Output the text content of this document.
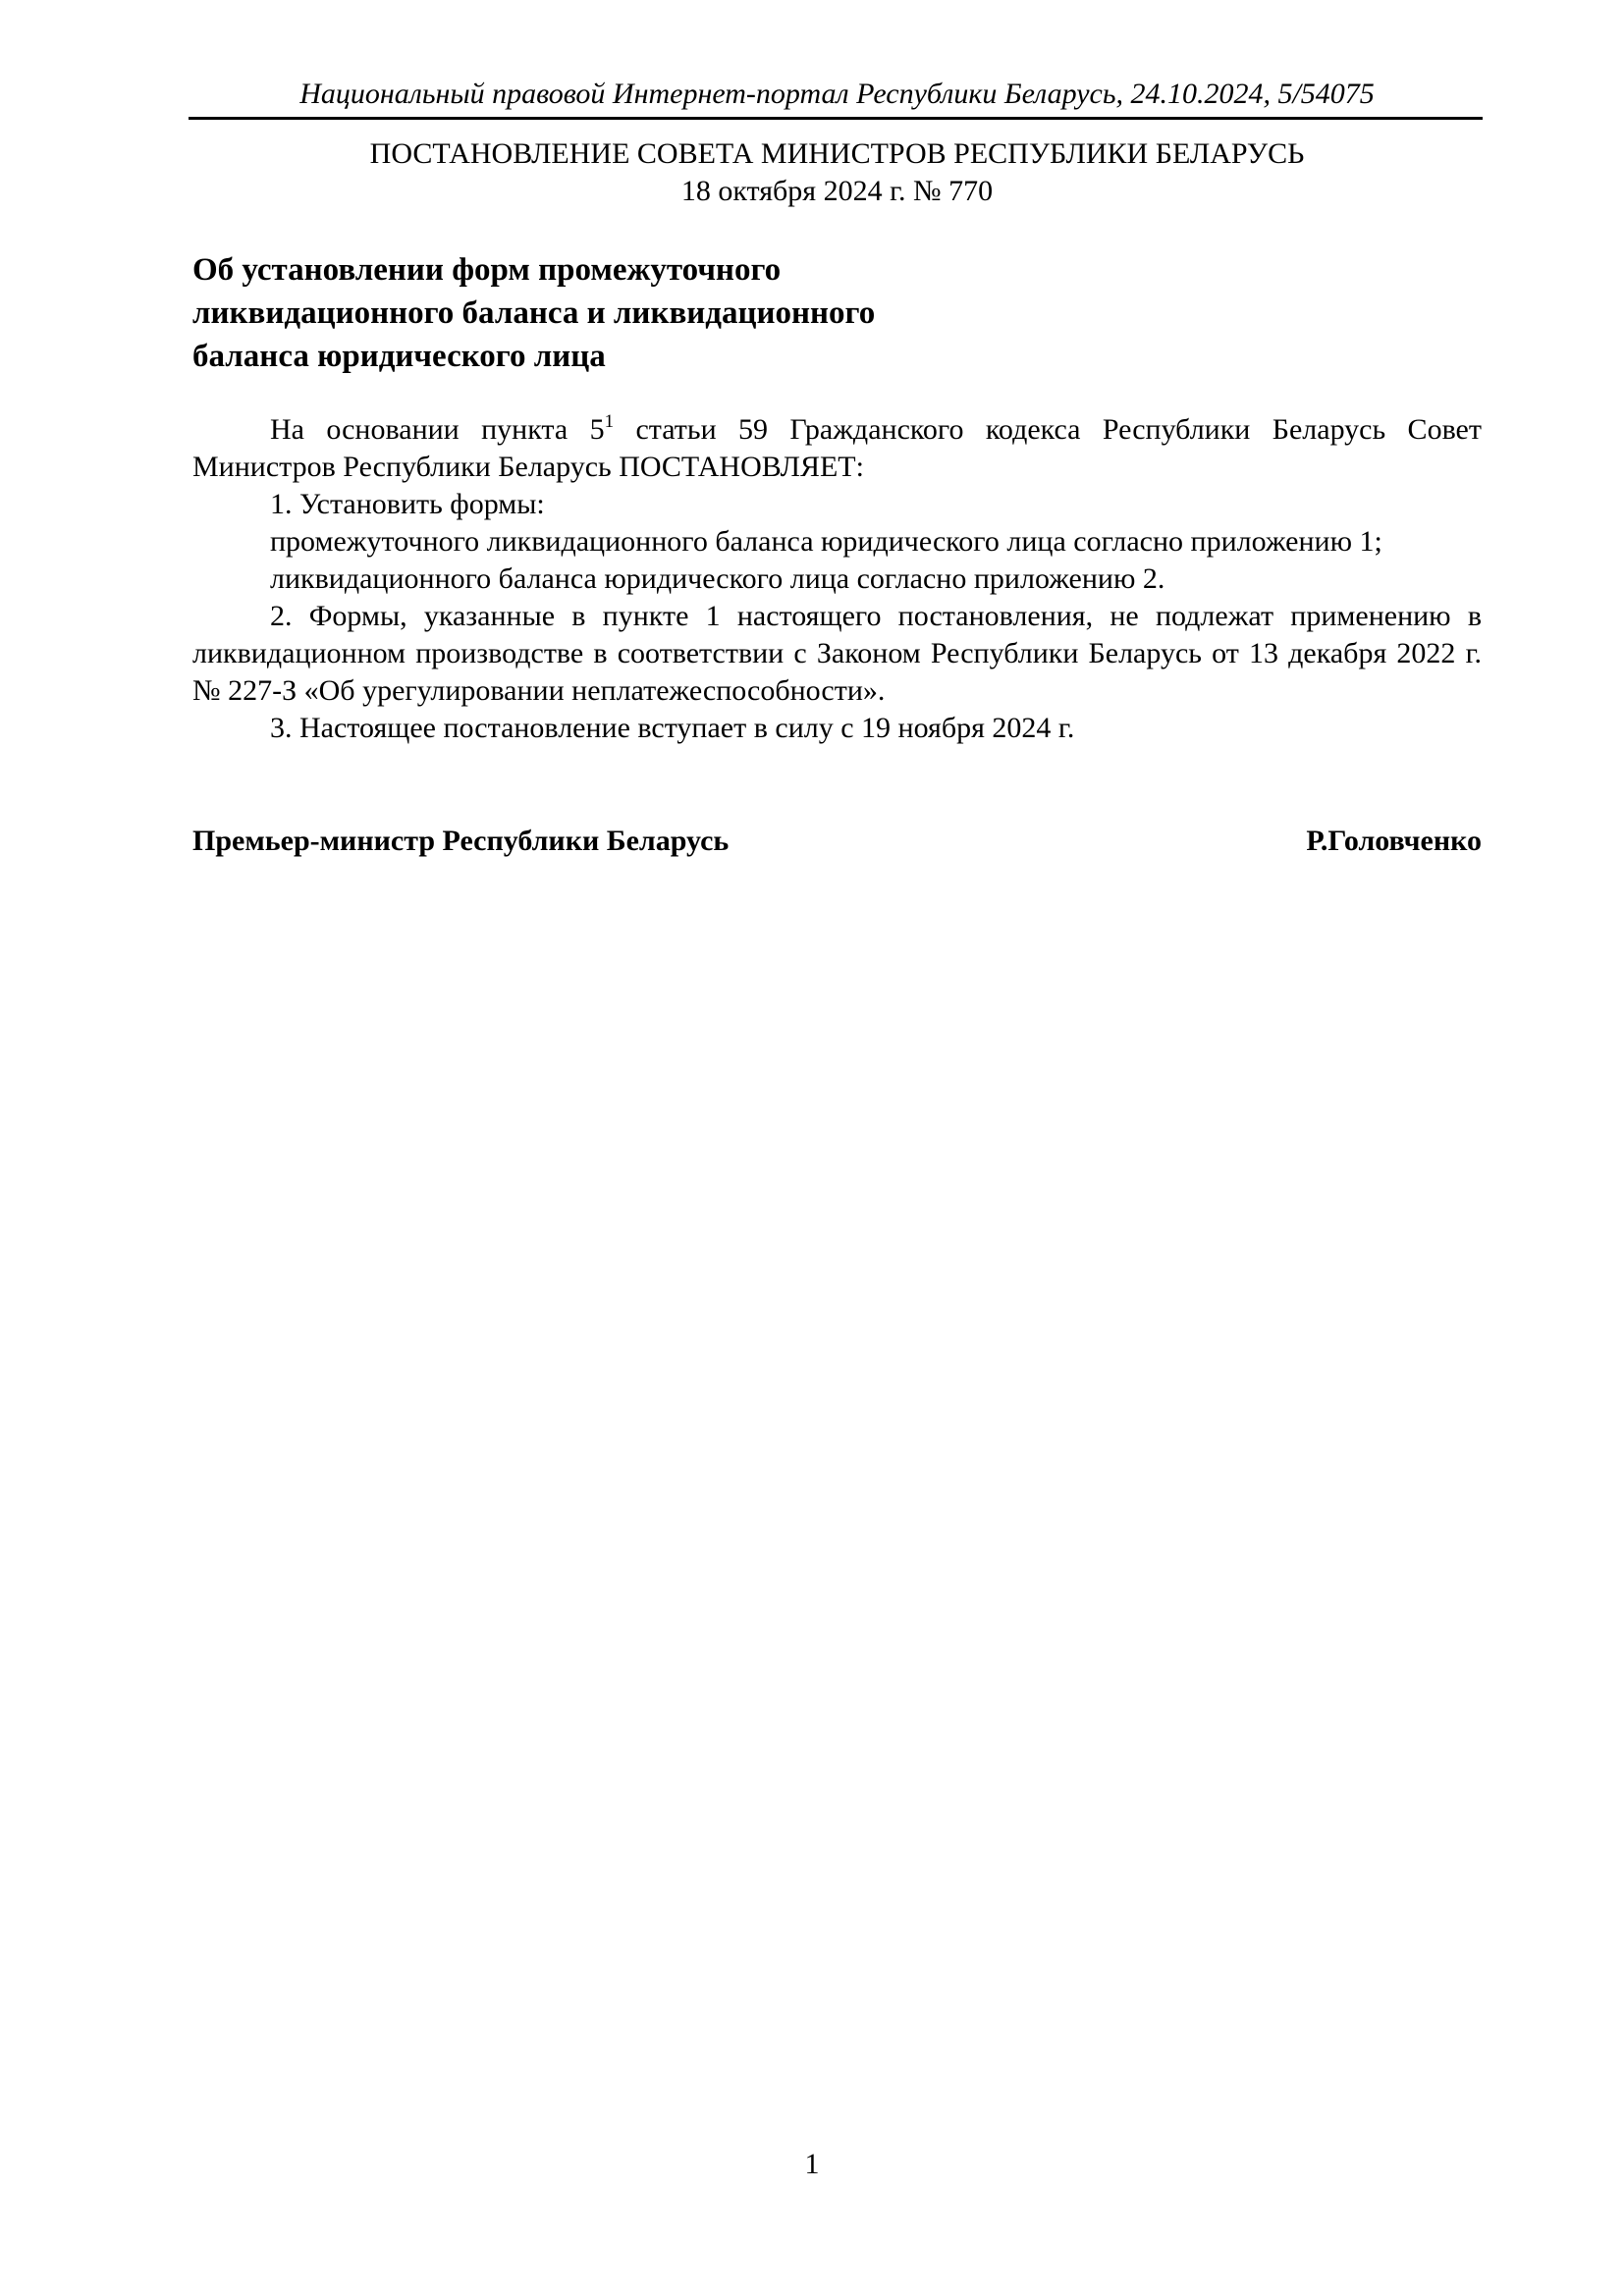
Национальный правовой Интернет-портал Республики Беларусь, 24.10.2024, 5/54075
ПОСТАНОВЛЕНИЕ СОВЕТА МИНИСТРОВ РЕСПУБЛИКИ БЕЛАРУСЬ
18 октября 2024 г. № 770
Об установлении форм промежуточного
ликвидационного баланса и ликвидационного
баланса юридического лица

На основании пункта $5^1$ статьи 59 Гражданского кодекса Республики Беларусь Совет Министров Республики Беларусь ПОСТАНОВЛЯЕТ:

1. Установить формы:

промежуточного ликвидационного баланса юридического лица согласно приложению 1;

ликвидационного баланса юридического лица согласно приложению 2.

2. Формы, указанные в пункте 1 настоящего постановления, не подлежат применению в ликвидационном производстве в соответствии с Законом Республики Беларусь от 13 декабря 2022 г. № 227-З «Об урегулировании неплатежеспособности».

3. Настоящее постановление вступает в силу с 19 ноября 2024 г.

Премьер-министр Республики Беларусь	Р.Головченко
1
